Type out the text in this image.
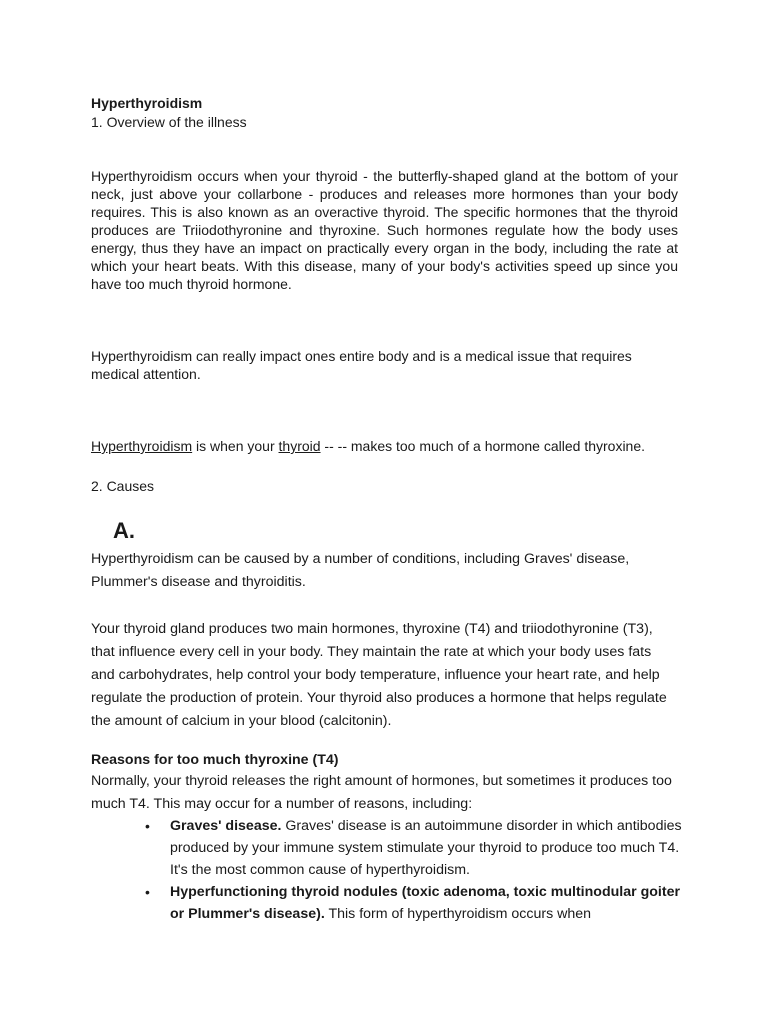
Hyperthyroidism

1. Overview of the illness

Hyperthyroidism occurs when your thyroid - the butterfly-shaped gland at the bottom of your neck, just above your collarbone - produces and releases more hormones than your body requires. This is also known as an overactive thyroid. The specific hormones that the thyroid produces are Triiodothyronine and thyroxine. Such hormones regulate how the body uses energy, thus they have an impact on practically every organ in the body, including the rate at which your heart beats. With this disease, many of your body's activities speed up since you have too much thyroid hormone.

Hyperthyroidism can really impact ones entire body and is a medical issue that requires medical attention.

Hyperthyroidism is when your thyroid -- -- makes too much of a hormone called thyroxine.

2. Causes

A.

Hyperthyroidism can be caused by a number of conditions, including Graves' disease, Plummer's disease and thyroiditis.

Your thyroid gland produces two main hormones, thyroxine (T4) and triiodothyronine (T3), that influence every cell in your body. They maintain the rate at which your body uses fats and carbohydrates, help control your body temperature, influence your heart rate, and help regulate the production of protein. Your thyroid also produces a hormone that helps regulate the amount of calcium in your blood (calcitonin).

Reasons for too much thyroxine (T4)

Normally, your thyroid releases the right amount of hormones, but sometimes it produces too much T4. This may occur for a number of reasons, including:

• Graves' disease. Graves' disease is an autoimmune disorder in which antibodies produced by your immune system stimulate your thyroid to produce too much T4. It's the most common cause of hyperthyroidism.
• Hyperfunctioning thyroid nodules (toxic adenoma, toxic multinodular goiter or Plummer's disease). This form of hyperthyroidism occurs when
